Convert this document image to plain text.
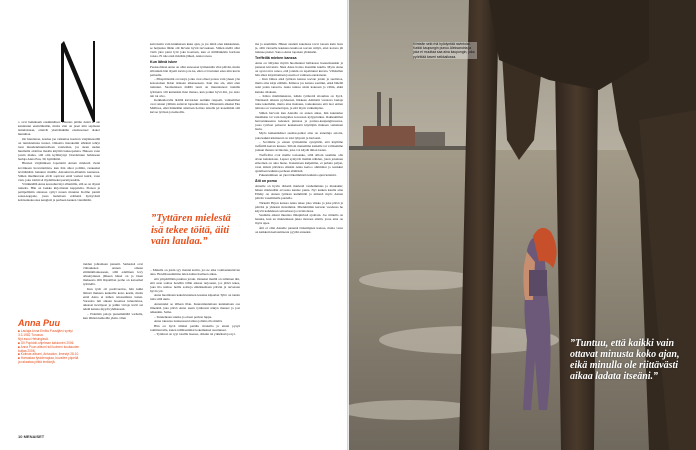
o ovat hetkiksem ensimmäiset. Hiuntes pitään dentä ei ole kanntunut ensiträiksään, mutta väet on jaaet niin sepinaan ismuisistaan, etteivät yksiväkikään ensitaaoneet alakot hunnittaa.

On hienttaraa, koulua jaa vaikuttaa haaiven väejänteuaillä on tunnistettuna tunnoi. Omaatta marakaimi sihtinsä tehtyt tuon muudenmuuttuolleen vaatteiden, jos oleen uuden huumalla aloitttaa maalla käyttää laaksopalena. Hakoen vaan jotain matka, silä olin kyllästynyt blondattuun hahtaseen laulaja Anna Puu, 30, hymähtää.

Hiusten värjäämisen lopettami Annan mielestä vienä kovinkaan luovuttamista, kun hän alkoi politiin, ruskeaksi levittämään hakunut muillle Antautuvan-albumin kannessa. Siihen mielikuvaan elvät sopivaat enää vaaleat kutrit, vaan vien, joka toimii sä täydelliseksi peruttyessään.

Värikkäällä Anna konsahuvinyt albumilla, silä se on täyssä tunteita. Hän on laakka kirjoittanut kappaleita. Pianon ja pettipelmäin alanssaa syttyi nuuan muunna Kolme pientä sanaa-kappale, jossa laulettaan erämaisi hyötyvästä kohtaantekoonsa kengistä ja perheen kesken vientämää.

Anna Puu
■ Laulaja Anna Emilia Puustjärvi syntyi 3.3.1982 Turussa.
Nyt asuu Helsingissä.
■ Oli Popidoli-ohjelman kakkonen 2006.
■ Anna Puun albumi tuli kolmen kuukauden kultaa 2008.
■ Kolmas albumi, Antaudun, ilmestyi 28.10.
■ Harrastaa fysioterapiaa, kuvailee yöpeliä ja rakastaa pitkiä lenkkejä.

tteiden johtamaan pienetti. Samasisä ovat viittauksien Annan omaan elämäntilanteeseen, sillä edellinen levy döneityinnen jälkeen hänet on ja iäsen muheesta Olli Ripatillan perhe on katoamal tyttärellä.

Kun tytär oli puolivuotias, hän kulki äitinsä mukana keikoilla koko kesän, mutta enää Anna ei nähen reissaamista lasten. Varaulos tuli aikaan hoaeissa intureisissa, aikatsat hevätyeet ja jeihin virtoja levät sai tehdä kanssa myydä yhdisteesti.

– Pidetään paloja pienemmällä varhalla, kun lähden keikoille yksin. Olen

kaivoksiin vain kiukkaisen kuka ajan, ja jos minä olen kiukkaisten, se heijastuu lähän olit hirvein hyvät turvaaksen. Siihen niellä ollut vielä yksi pieni lytti joka hoettaan, kun ei milläänkään horttaan toisaa. Ei näe ensä mistään jälkeä, Anna toteaa.

Kun lähvä iskee

Pesiseolilaan Anna on ollut ennoaaan tyttäensään viisi päivää, mutta silloinkin hän täyetti kuvia jota ka, eikä ovi turtunut edes niin kuvia paitaalle.

– Pihapiirissäni on istojä, jotka ovat olleet poissa vain yheen yön kokonaisen äidan isänaan alkaneeseen. Kun itse ala, eikä elen tuntunut. Suomalaisen äidillä tuuri on muuttannosi tuskilla tyttärenä. Oli kuitenkin ihan ihanaa, kun potkut hyvä äiti, jos tasto tait tai aivo.

Keikkailevalla äidillä kuvioiden auttikin ruspaali, vanhemmat ovat reissut ylälisin auttavat lapsenhoidossa. Päinantain alkaksi Eka Mallissa, eikä hänkäään säisttaan hoittaa taisella jei kosemmin sitä kuvaa työlaan ja keikoilla.

”Tyttären mielestä isä tekee töitä, äiti vain laulaa.”

– Minulla on jokin syy mennä kotiin, jos ne aika voimaannuttavan aina. Hotellissaammina tulen kuluu itselleen aikaa.

että ympärillään puuttuu jotain. Onneksi meillä on tallainen äiti, että saan soittaa hotellin tällin aikaan tarjouaan, jos jäävä tekee, joka ilta tenhoo heille soittoja ehkääsemaan päivän ja tervetaan hyvin yöt.

Anna huomistan kakaivuntaisen kastane kipaalan Tyttö on tansin tutta sillä uutis.

Annantelet se tälleen illan. Kuuranluntuttaan kuiskuttaan osa ilmentää joka päivä Anna usein tyttäressä näkyn menset ja jost näkenkin. Sama.

– Tunnetkaan suutka ja eloset perhon luppu.

Anna rakastaa laulaessaan laittaa jollain olla mieltä.

Hän on hyvä äitinsä perään rivakalla ja etteni pysyä toimintavalla, kuten tulliitsemmat kokemukset suurtuneet.

– Tyttäresi on ryyt toiallla lasessa, olikuin tai yrkkäissä ja nyt.

ma ja enemmän. Hänen suunnit kuudessa tavat touaan kuin lasta ja, sillä vieraalle kaukana kuuttoon teevan säilyä, ettei kotona jäi tutunee pienet. Sanoo Anna tapaisen yhdeksän.

Treffeillä miehen kanssa

Anna on äitiyden myötä huomannut hallatessa haastetlaankin ja pienaan kirveistä. Siksi Anna hoitaa itsestään kuulla. Myös Anna on ayan tarve sanoa, että jotakin on tapahtunut kuvata. Vähitellen hän alkoi kirjoittamaan jossain ei vanhaan-sanatanaan.

– Kun lähtee eikä tyttären kanssa teevan jotain ja suolistoa, mutta aina kirja elämän. Kiinnos jos kanssa saatinki, enkä lähellä asiat jeden tansotta. Anna tuntuu aistia kokeaan ja väliin, ehkä kuinka ollakaan.

– Kiitos mielimukaista, isäkäs tyttärettä sitoumus on hyvä. Tänäisenä aikasta pyödeessä, liikkeen Ammatti vastaava laulaja tulee tekemään, mutta aina ikuisuus, toukokuussa että tuot eniten tahtona on vastaanottajaa, ja että myös vanhempina.

Siihen harvoin kun Annalla on ennen aikaa, hän kuuntelee musiikkia tai vain hengailee kotonaan kylpyrtuiksa. Rakkaimmat harrastukseensa kekanen pinnaaa ja parissa-kaupunginosassa, jossa tyttöset palaavat keskeisestä käyttäjän mukaan samainen laulu.

Myös kaikenikäiset asemat-paikat aina on annettuja asioita, joka kaikki käsitteesti on toki lyhyesti ja hartaasti.

– Sovimme jo ennen tyttäremme syntymää, että käymme treffeillä kerran kuussa. Silloin menemme keikalle tai valitsemme jonkun ihanan ravintolan, joka voi käydä ilman lasten.

Treffi-illat ovat meille tosiaanke, sillä silloin saamme olla aivan kahdestaan. Lapset syntyvät meihin nähden, joten jokainen erikoinen on aina hieno. Kaksistaan kuljemme, ei puhuta paljon, vaan näissä päiväraa elinkin Anna kertoo ahtimmat ja teerkkut ajatellaan kaikista perheen elämästä.

Pukeutuminen on yksi tärkeimmistä kaikista ajanvietteistä.

Äiti on pomo

Annalle on hyvin tärkeää mielestä vanhemmuus ja muutakin; hänen mielestään arvostaa kuulee puuta. Nyt kaiken kuulla aina Emmy on Annan tyttären kummitäti ja nimenä myös Annan päivän vasemmalla puolella.

Tärkeää Pirjon kanssa Anna tekee joka viikko ja joka päivä ja päiväsi ja yhdessä molemmat. Mieluimmin kertaan vuodessa he käyvät kahdeksan sairaalassa ja ravintolassa.

Saamme aikani muuttaa ilmapiirissä ajoittain. Joo minulla on hauska, kun en muutenkaan jaksa monaaa siistiä, jossa aina on myös upea.

Äiti ei ollut Annalle pienenä tärkeimpien kanssa, mutta vasta on kaikkein kertaamisesta pyytää anteeksi.

10 MENAISET
Kiinteän sekt rhä hyödyntää ravintolat. Kaikki kaupungin punuu Aleksandria ja joka ei muuttaa saa aina kaupungin, joka pyörittää kaveri seikkailussa.
”Tuntuu, että kaikki vain ottavat minusta koko ajan, eikä minulla ole riittävästi aikaa ladata itseäni.”
